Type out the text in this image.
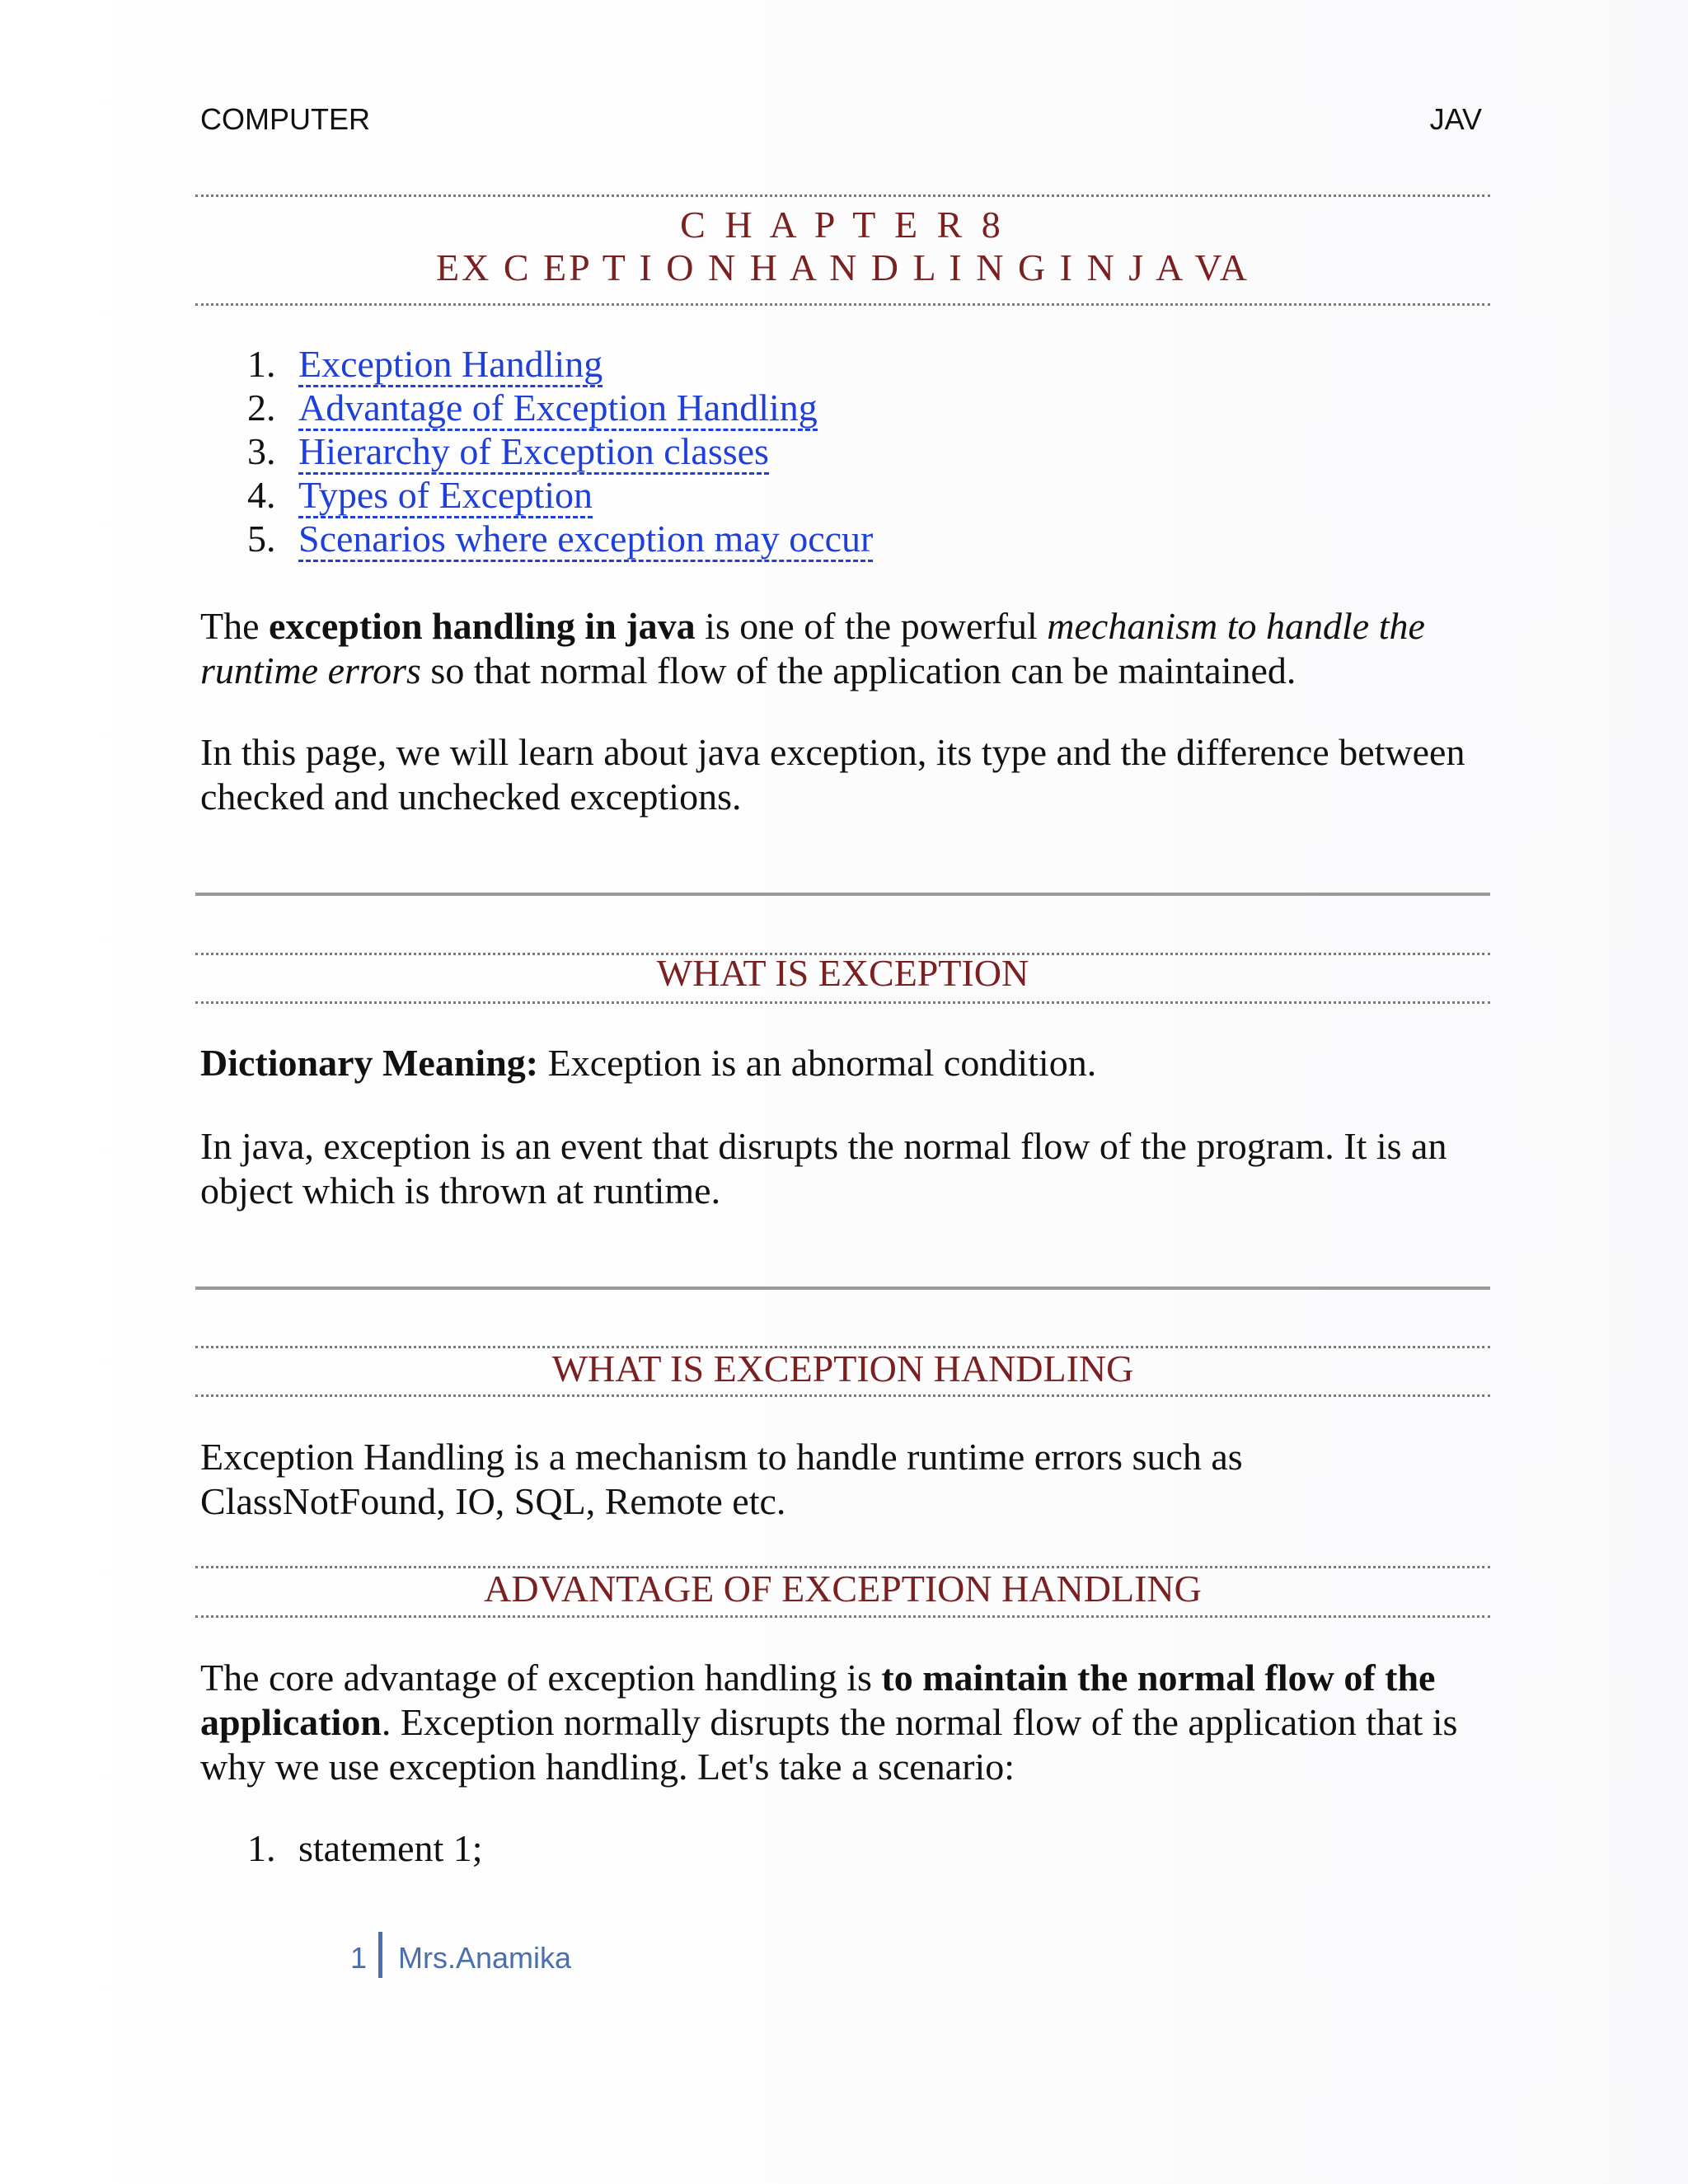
COMPUTER	JAV
C H A P T E R 8
EX C EP T I O N H A N D L I N G I N J A VA
1. Exception Handling
2. Advantage of Exception Handling
3. Hierarchy of Exception classes
4. Types of Exception
5. Scenarios where exception may occur

The exception handling in java is one of the powerful mechanism to handle the runtime errors so that normal flow of the application can be maintained.

In this page, we will learn about java exception, its type and the difference between checked and unchecked exceptions.

WHAT IS EXCEPTION

Dictionary Meaning: Exception is an abnormal condition.

In java, exception is an event that disrupts the normal flow of the program. It is an object which is thrown at runtime.

WHAT IS EXCEPTION HANDLING

Exception Handling is a mechanism to handle runtime errors such as ClassNotFound, IO, SQL, Remote etc.

ADVANTAGE OF EXCEPTION HANDLING

The core advantage of exception handling is to maintain the normal flow of the application. Exception normally disrupts the normal flow of the application that is why we use exception handling. Let's take a scenario:

1. statement 1;
1 Mrs.Anamika
